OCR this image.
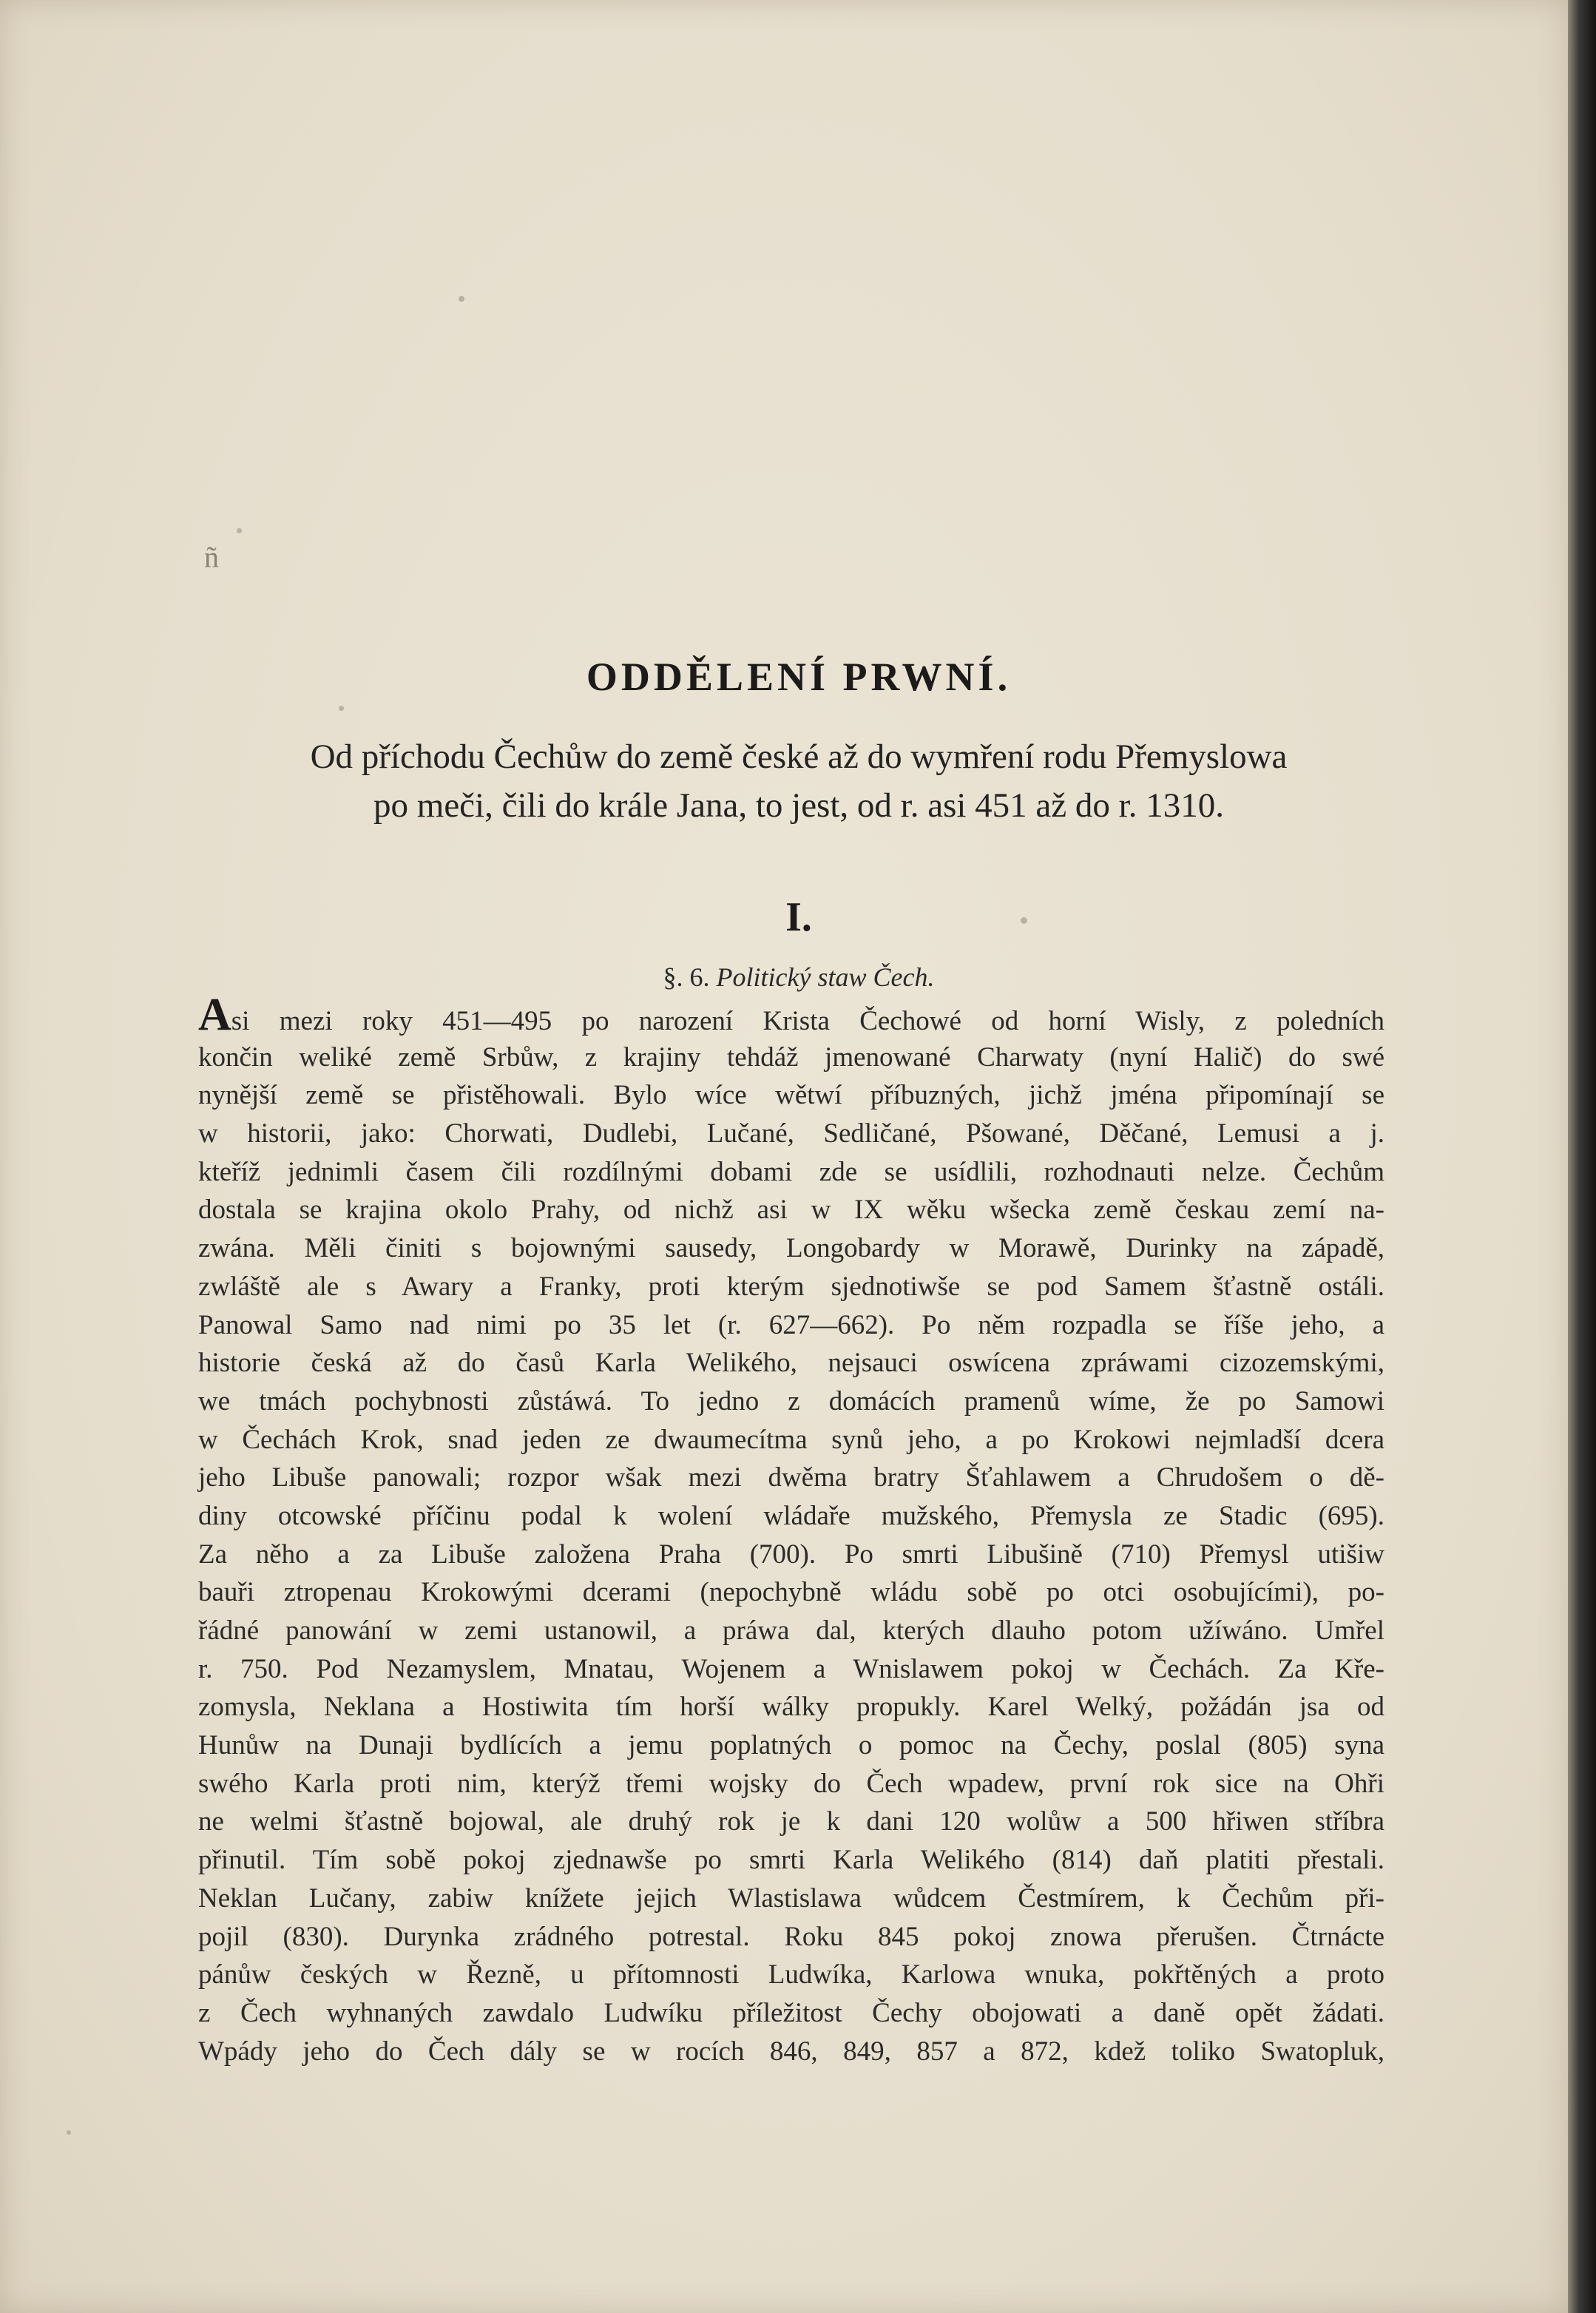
ñ
ODDĚLENÍ PRWNÍ.
Od příchodu Čechůw do země české až do wymření rodu Přemyslowa
po meči, čili do krále Jana, to jest, od r. asi 451 až do r. 1310.
I.
§. 6. Politický staw Čech.
Asi mezi roky 451—495 po narození Krista Čechowé od horní Wisly, z poledních
končin weliké země Srbůw, z krajiny tehdáž jmenowané Charwaty (nyní Halič) do swé
nynější země se přistěhowali. Bylo wíce wětwí příbuzných, jichž jména připomínají se
w historii, jako: Chorwati, Dudlebi, Lučané, Sedličané, Pšowané, Děčané, Lemusi a j.
kteříž jednimli časem čili rozdílnými dobami zde se usídlili, rozhodnauti nelze. Čechům
dostala se krajina okolo Prahy, od nichž asi w IX wěku wšecka země českau zemí na-
zwána. Měli činiti s bojownými sausedy, Longobardy w Morawě, Durinky na západě,
zwláště ale s Awary a Franky, proti kterým sjednotiwše se pod Samem šťastně ostáli.
Panowal Samo nad nimi po 35 let (r. 627—662). Po něm rozpadla se říše jeho, a
historie česká až do časů Karla Welikého, nejsauci oswícena zpráwami cizozemskými,
we tmách pochybnosti zůstáwá. To jedno z domácích pramenů wíme, že po Samowi
w Čechách Krok, snad jeden ze dwaumecítma synů jeho, a po Krokowi nejmladší dcera
jeho Libuše panowali; rozpor wšak mezi dwěma bratry Šťahlawem a Chrudošem o dě-
diny otcowské příčinu podal k wolení wládaře mužského, Přemysla ze Stadic (695).
Za něho a za Libuše založena Praha (700). Po smrti Libušině (710) Přemysl utišiw
bauři ztropenau Krokowými dcerami (nepochybně wládu sobě po otci osobujícími), po-
řádné panowání w zemi ustanowil, a práwa dal, kterých dlauho potom užíwáno. Umřel
r. 750. Pod Nezamyslem, Mnatau, Wojenem a Wnislawem pokoj w Čechách. Za Kře-
zomysla, Neklana a Hostiwita tím horší wálky propukly. Karel Welký, požádán jsa od
Hunůw na Dunaji bydlících a jemu poplatných o pomoc na Čechy, poslal (805) syna
swého Karla proti nim, kterýž třemi wojsky do Čech wpadew, první rok sice na Ohři
ne welmi šťastně bojowal, ale druhý rok je k dani 120 wolůw a 500 hřiwen stříbra
přinutil. Tím sobě pokoj zjednawše po smrti Karla Welikého (814) daň platiti přestali.
Neklan Lučany, zabiw knížete jejich Wlastislawa wůdcem Čestmírem, k Čechům při-
pojil (830). Durynka zrádného potrestal. Roku 845 pokoj znowa přerušen. Čtrnácte
pánůw českých w Řezně, u přítomnosti Ludwíka, Karlowa wnuka, pokřtěných a proto
z Čech wyhnaných zawdalo Ludwíku příležitost Čechy obojowati a daně opět žádati.
Wpády jeho do Čech dály se w rocích 846, 849, 857 a 872, kdež toliko Swatopluk,
